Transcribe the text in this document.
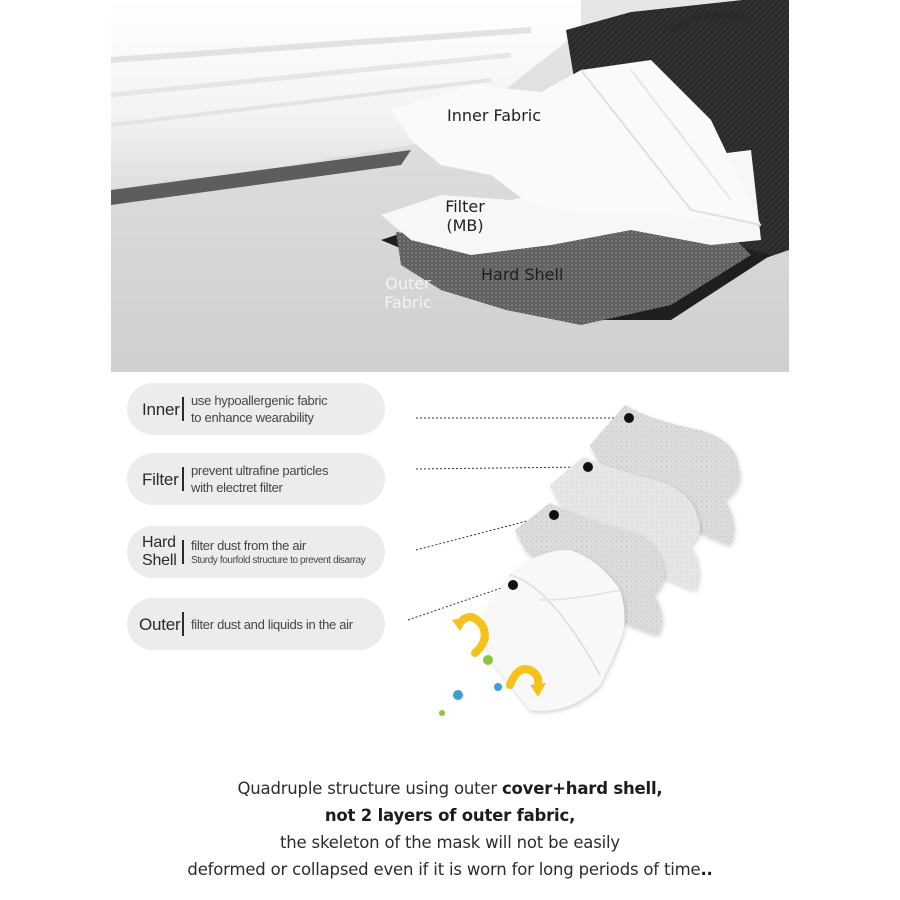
Inner Fabric
Filter
(MB)
Hard Shell
Outer
Fabric
Inner use hypoallergenic fabric
to enhance wearability
Filter prevent ultrafine particles
with electret filter
Hard
Shell
filter dust from the air
Sturdy fourfold structure to prevent disarray
Outer filter dust and liquids in the air
Quadruple structure using outer cover+hard shell,
not 2 layers of outer fabric,
the skeleton of the mask will not be easily
deformed or collapsed even if it is worn for long periods of time..
